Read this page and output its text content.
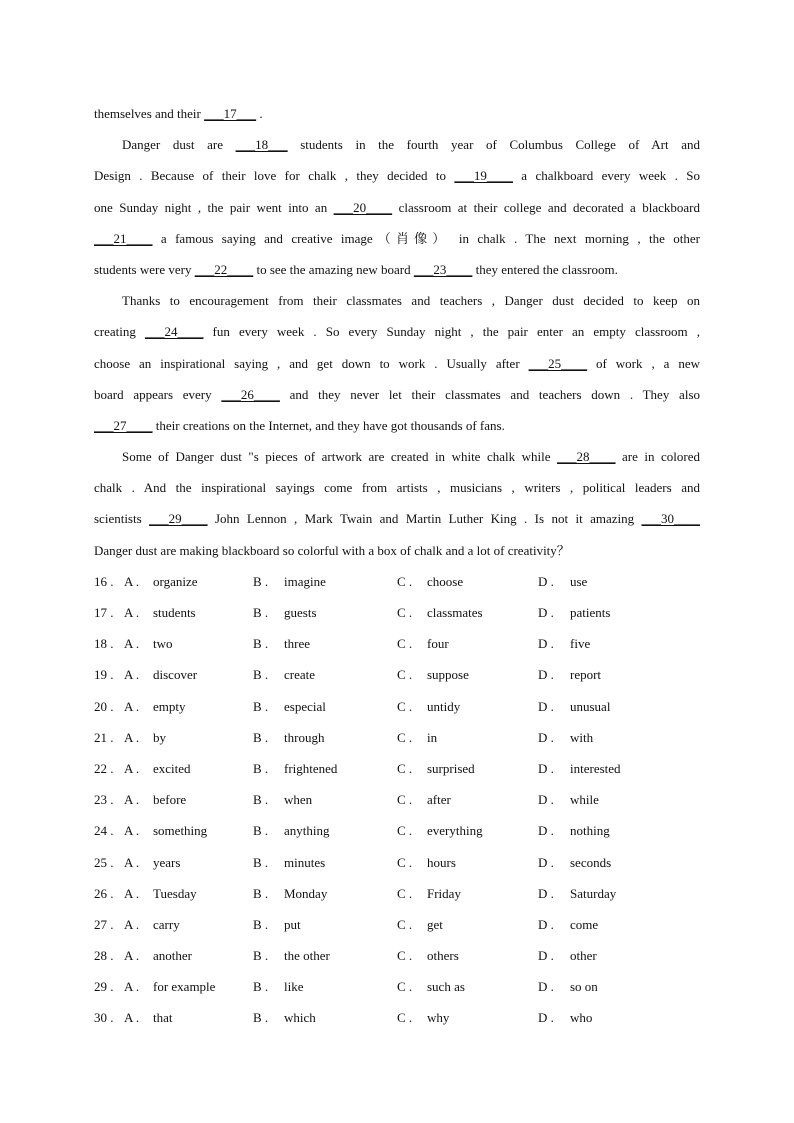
themselves and their ___17___ .
Danger dust are ___18___ students in the fourth year of Columbus College of Art and
Design . Because of their love for chalk , they decided to ___19____ a chalkboard every week . So
one Sunday night , the pair went into an ___20____ classroom at their college and decorated a blackboard
___21____ a famous saying and creative image（肖像） in chalk . The next morning , the other
students were very ___22____ to see the amazing new board ___23____ they entered the classroom.
Thanks to encouragement from their classmates and teachers , Danger dust decided to keep on
creating ___24____ fun every week . So every Sunday night , the pair enter an empty classroom ,
choose an inspirational saying , and get down to work . Usually after ___25____ of work , a new
board appears every ___26____ and they never let their classmates and teachers down . They also
___27____ their creations on the Internet, and they have got thousands of fans.
Some of Danger dust "s pieces of artwork are created in white chalk while ___28____ are in colored
chalk . And the inspirational sayings come from artists , musicians , writers , political leaders and
scientists ___29____ John Lennon , Mark Twain and Martin Luther King . Is not it amazing ___30____
Danger dust are making blackboard so colorful with a box of chalk and a lot of creativity？
16 . A . organize	B . imagine	C . choose	D . use
17 . A . students	B . guests	C . classmates	D . patients
18 . A . two	B . three	C . four	D . five
19 . A . discover	B . create	C . suppose	D . report
20 . A . empty	B . especial	C . untidy	D . unusual
21 . A . by	B . through	C . in	D . with
22 . A . excited	B . frightened	C . surprised	D . interested
23 . A . before	B . when	C . after	D . while
24 . A . something	B . anything	C . everything	D . nothing
25 . A . years	B . minutes	C . hours	D . seconds
26 . A . Tuesday	B . Monday	C . Friday	D . Saturday
27 . A . carry	B . put	C . get	D . come
28 . A . another	B . the other	C . others	D . other
29 . A . for example	B . like	C . such as	D . so on
30 . A . that	B . which	C . why	D . who
